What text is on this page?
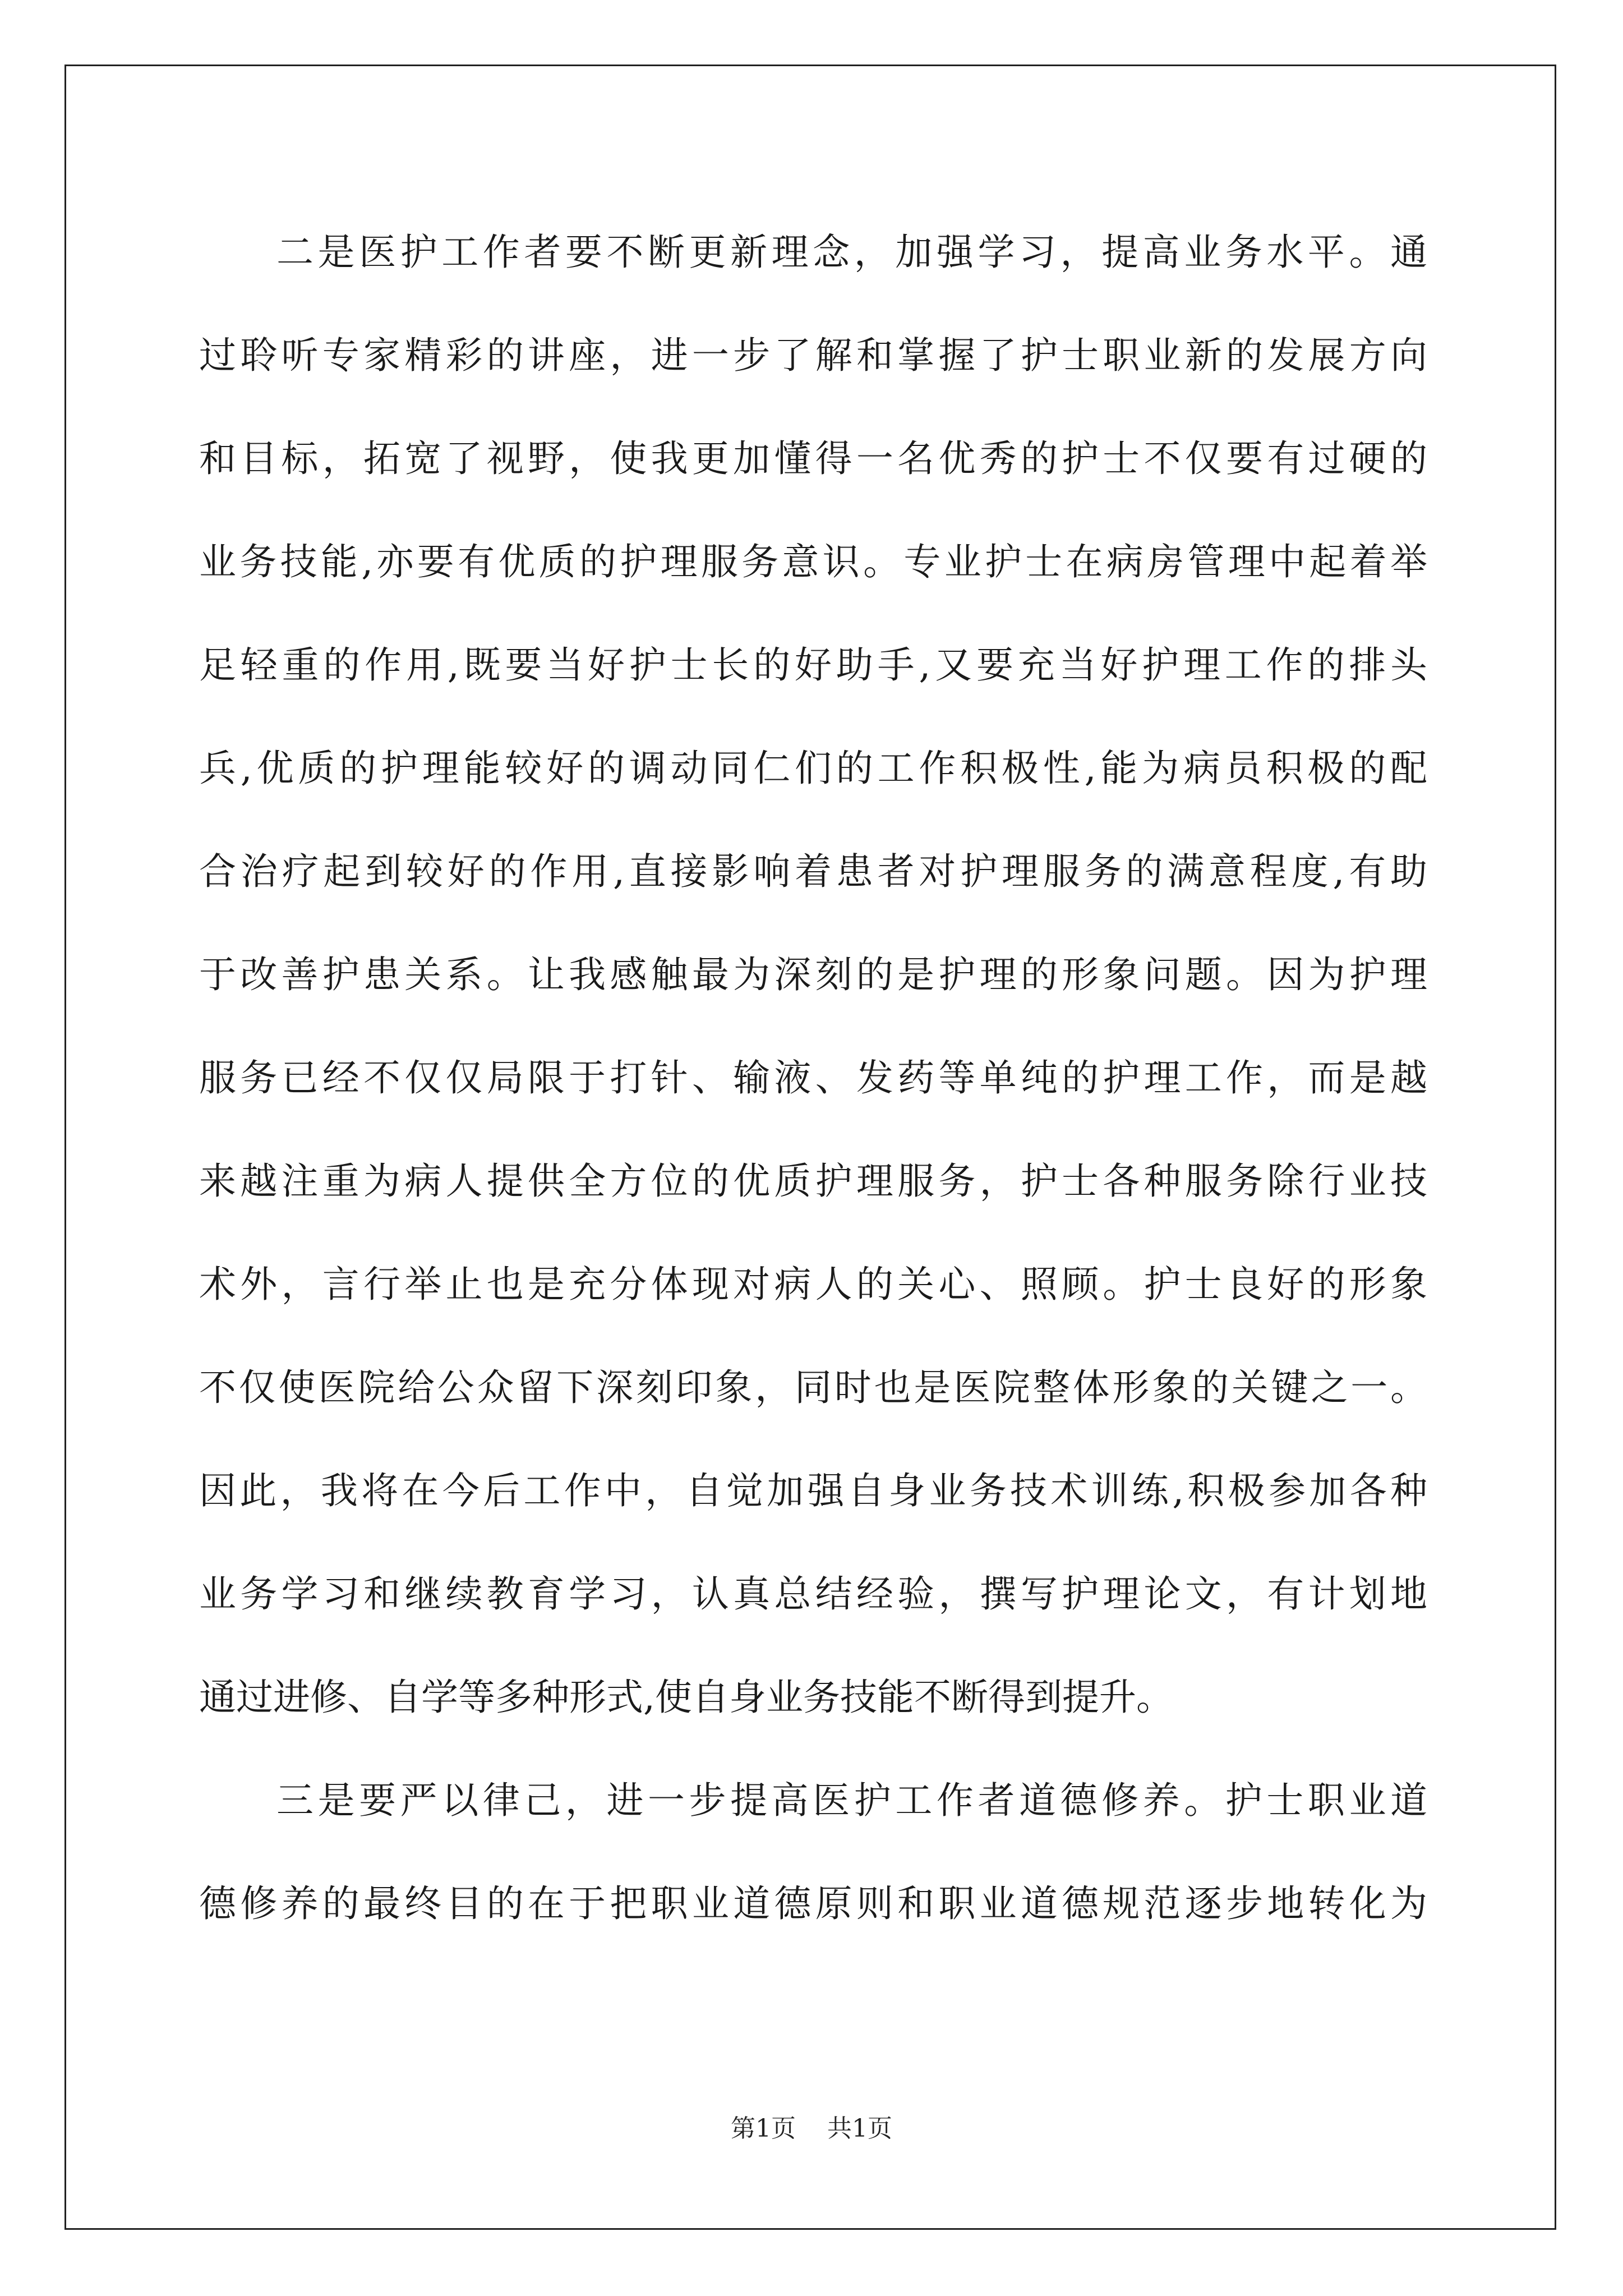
二是医护工作者要不断更新理念，加强学习，提高业务水平。通
过聆听专家精彩的讲座，进一步了解和掌握了护士职业新的发展方向
和目标，拓宽了视野，使我更加懂得一名优秀的护士不仅要有过硬的
业务技能,亦要有优质的护理服务意识。专业护士在病房管理中起着举
足轻重的作用,既要当好护士长的好助手,又要充当好护理工作的排头
兵,优质的护理能较好的调动同仁们的工作积极性,能为病员积极的配
合治疗起到较好的作用,直接影响着患者对护理服务的满意程度,有助
于改善护患关系。让我感触最为深刻的是护理的形象问题。因为护理
服务已经不仅仅局限于打针、输液、发药等单纯的护理工作，而是越
来越注重为病人提供全方位的优质护理服务，护士各种服务除行业技
术外，言行举止也是充分体现对病人的关心、照顾。护士良好的形象
不仅使医院给公众留下深刻印象，同时也是医院整体形象的关键之一。
因此，我将在今后工作中，自觉加强自身业务技术训练,积极参加各种
业务学习和继续教育学习，认真总结经验，撰写护理论文，有计划地
通过进修、自学等多种形式,使自身业务技能不断得到提升。
三是要严以律己，进一步提高医护工作者道德修养。护士职业道
德修养的最终目的在于把职业道德原则和职业道德规范逐步地转化为
第1页    共1页
